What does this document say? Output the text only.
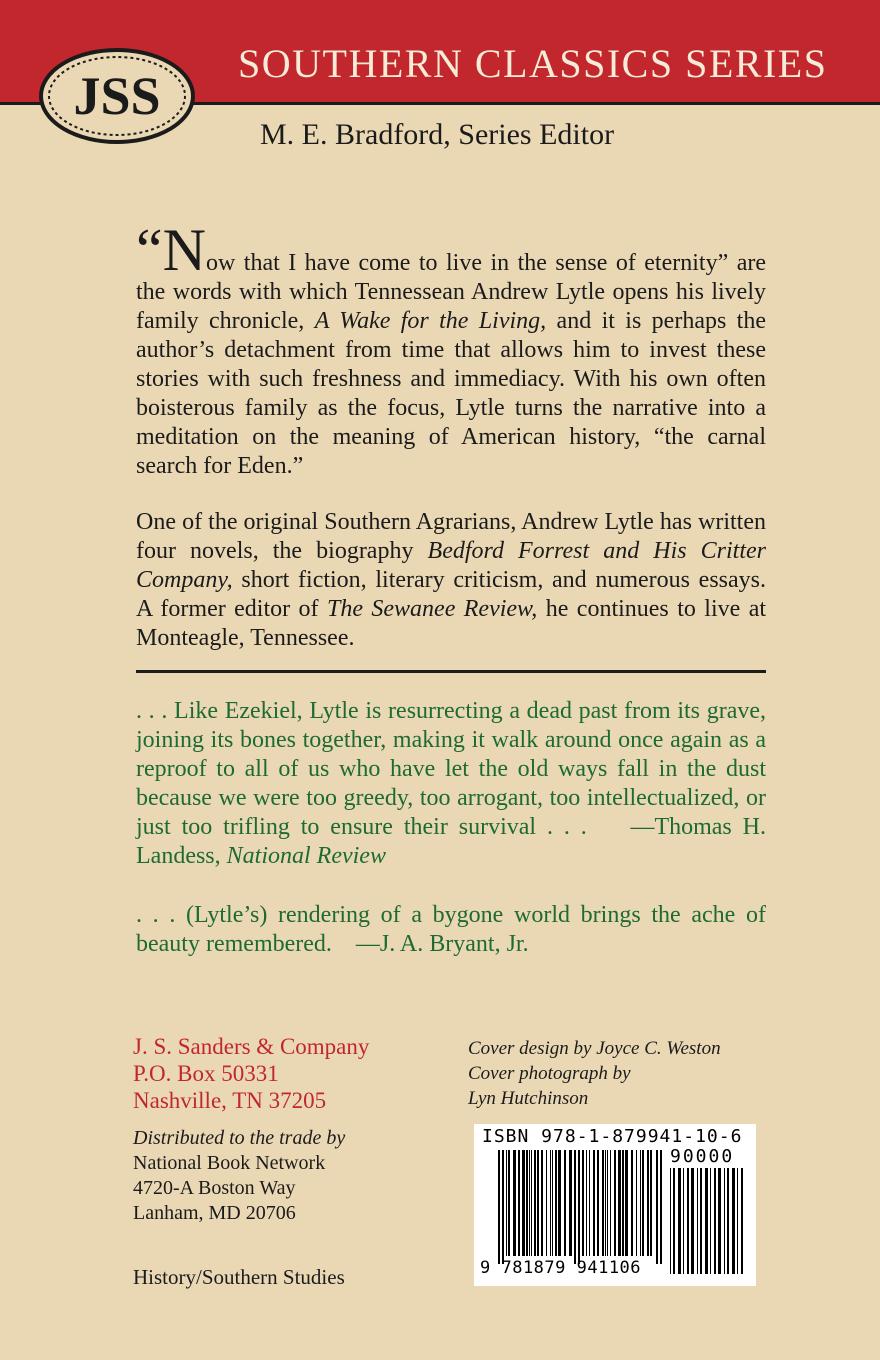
SOUTHERN CLASSICS SERIES
JSS
M. E. Bradford, Series Editor

“Now that I have come to live in the sense of eternity” are the words with which Tennessean Andrew Lytle opens his lively family chronicle, A Wake for the Living, and it is perhaps the author’s detachment from time that allows him to invest these stories with such freshness and immediacy. With his own often boisterous family as the focus, Lytle turns the narrative into a meditation on the meaning of American history, “the carnal search for Eden.”

One of the original Southern Agrarians, Andrew Lytle has written four novels, the biography Bedford Forrest and His Critter Company, short fiction, literary criticism, and numerous essays. A former editor of The Sewanee Review, he continues to live at Monteagle, Tennessee.

. . . Like Ezekiel, Lytle is resurrecting a dead past from its grave, joining its bones together, making it walk around once again as a reproof to all of us who have let the old ways fall in the dust because we were too greedy, too arrogant, too intellectualized, or just too trifling to ensure their survival . . . —Thomas H. Landess, National Review

. . . (Lytle’s) rendering of a bygone world brings the ache of beauty remembered. —J. A. Bryant, Jr.

J. S. Sanders & Company
P.O. Box 50331
Nashville, TN 37205
Distributed to the trade by
National Book Network
4720-A Boston Way
Lanham, MD 20706
History/Southern Studies
Cover design by Joyce C. Weston
Cover photograph by
Lyn Hutchinson
ISBN 978-1-879941-10-6
90000
9 781879 941106
